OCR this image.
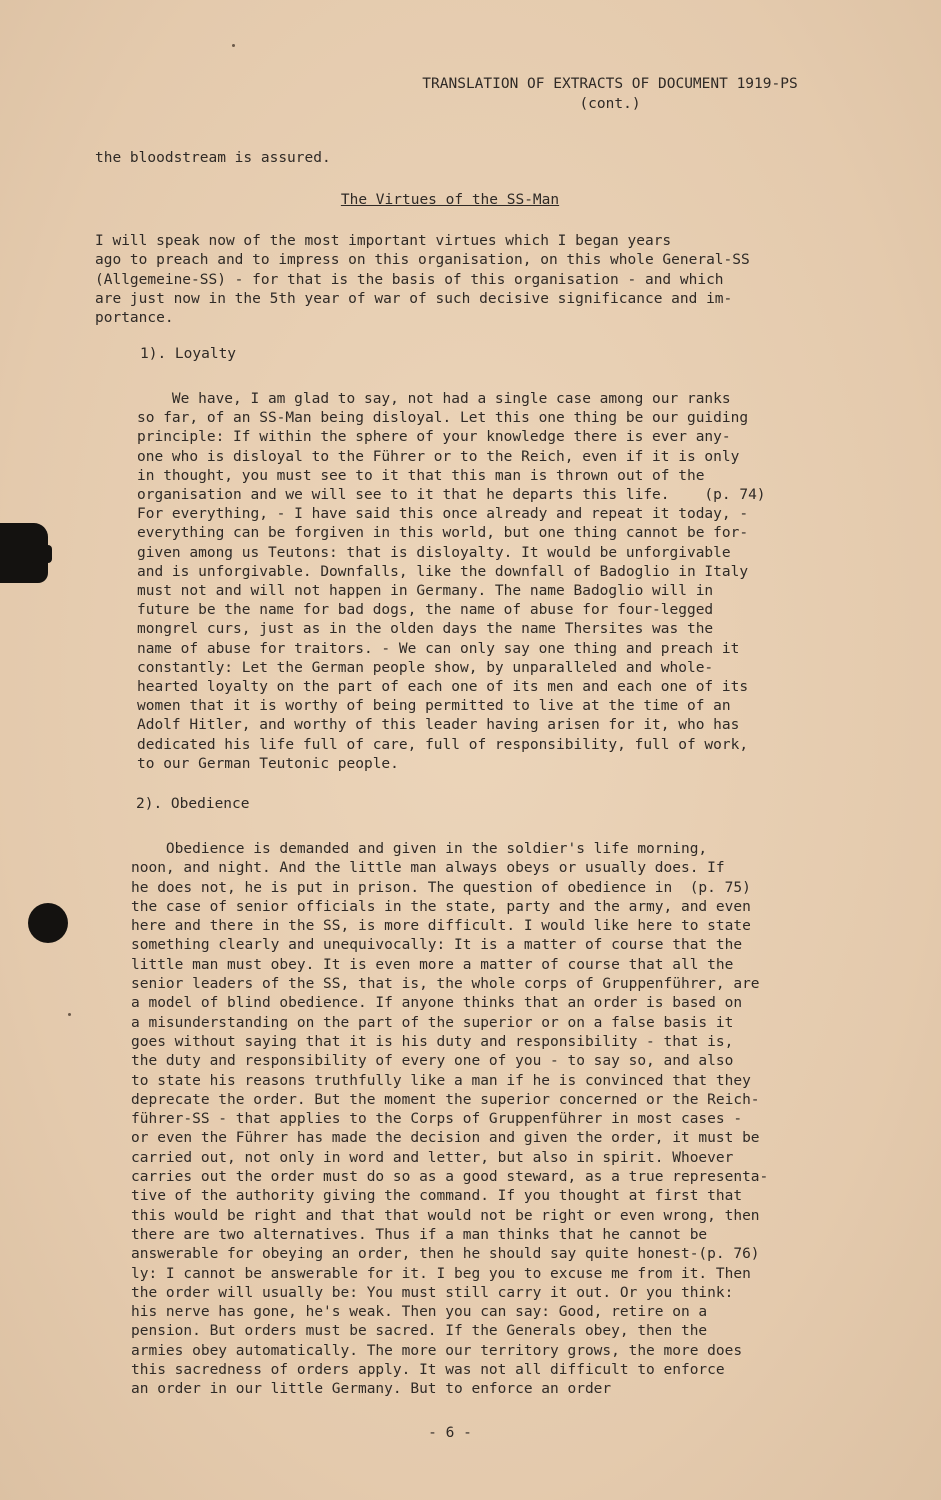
TRANSLATION OF EXTRACTS OF DOCUMENT 1919-PS
(cont.)
the bloodstream is assured.
The Virtues of the SS-Man
I will speak now of the most important virtues which I began years
ago to preach and to impress on this organisation, on this whole General-SS
(Allgemeine-SS) - for that is the basis of this organisation - and which
are just now in the 5th year of war of such decisive significance and im-
portance.
1). Loyalty
We have, I am glad to say, not had a single case among our ranks
so far, of an SS-Man being disloyal. Let this one thing be our guiding
principle: If within the sphere of your knowledge there is ever any-
one who is disloyal to the Führer or to the Reich, even if it is only
in thought, you must see to it that this man is thrown out of the
organisation and we will see to it that he departs this life.    (p. 74)
For everything, - I have said this once already and repeat it today, -
everything can be forgiven in this world, but one thing cannot be for-
given among us Teutons: that is disloyalty. It would be unforgivable
and is unforgivable. Downfalls, like the downfall of Badoglio in Italy
must not and will not happen in Germany. The name Badoglio will in
future be the name for bad dogs, the name of abuse for four-legged
mongrel curs, just as in the olden days the name Thersites was the
name of abuse for traitors. - We can only say one thing and preach it
constantly: Let the German people show, by unparalleled and whole-
hearted loyalty on the part of each one of its men and each one of its
women that it is worthy of being permitted to live at the time of an
Adolf Hitler, and worthy of this leader having arisen for it, who has
dedicated his life full of care, full of responsibility, full of work,
to our German Teutonic people.
2). Obedience
Obedience is demanded and given in the soldier's life morning,
noon, and night. And the little man always obeys or usually does. If
he does not, he is put in prison. The question of obedience in  (p. 75)
the case of senior officials in the state, party and the army, and even
here and there in the SS, is more difficult. I would like here to state
something clearly and unequivocally: It is a matter of course that the
little man must obey. It is even more a matter of course that all the
senior leaders of the SS, that is, the whole corps of Gruppenführer, are
a model of blind obedience. If anyone thinks that an order is based on
a misunderstanding on the part of the superior or on a false basis it
goes without saying that it is his duty and responsibility - that is,
the duty and responsibility of every one of you - to say so, and also
to state his reasons truthfully like a man if he is convinced that they
deprecate the order. But the moment the superior concerned or the Reich-
führer-SS - that applies to the Corps of Gruppenführer in most cases -
or even the Führer has made the decision and given the order, it must be
carried out, not only in word and letter, but also in spirit. Whoever
carries out the order must do so as a good steward, as a true representa-
tive of the authority giving the command. If you thought at first that
this would be right and that that would not be right or even wrong, then
there are two alternatives. Thus if a man thinks that he cannot be
answerable for obeying an order, then he should say quite honest-(p. 76)
ly: I cannot be answerable for it. I beg you to excuse me from it. Then
the order will usually be: You must still carry it out. Or you think:
his nerve has gone, he's weak. Then you can say: Good, retire on a
pension. But orders must be sacred. If the Generals obey, then the
armies obey automatically. The more our territory grows, the more does
this sacredness of orders apply. It was not all difficult to enforce
an order in our little Germany. But to enforce an order
- 6 -
